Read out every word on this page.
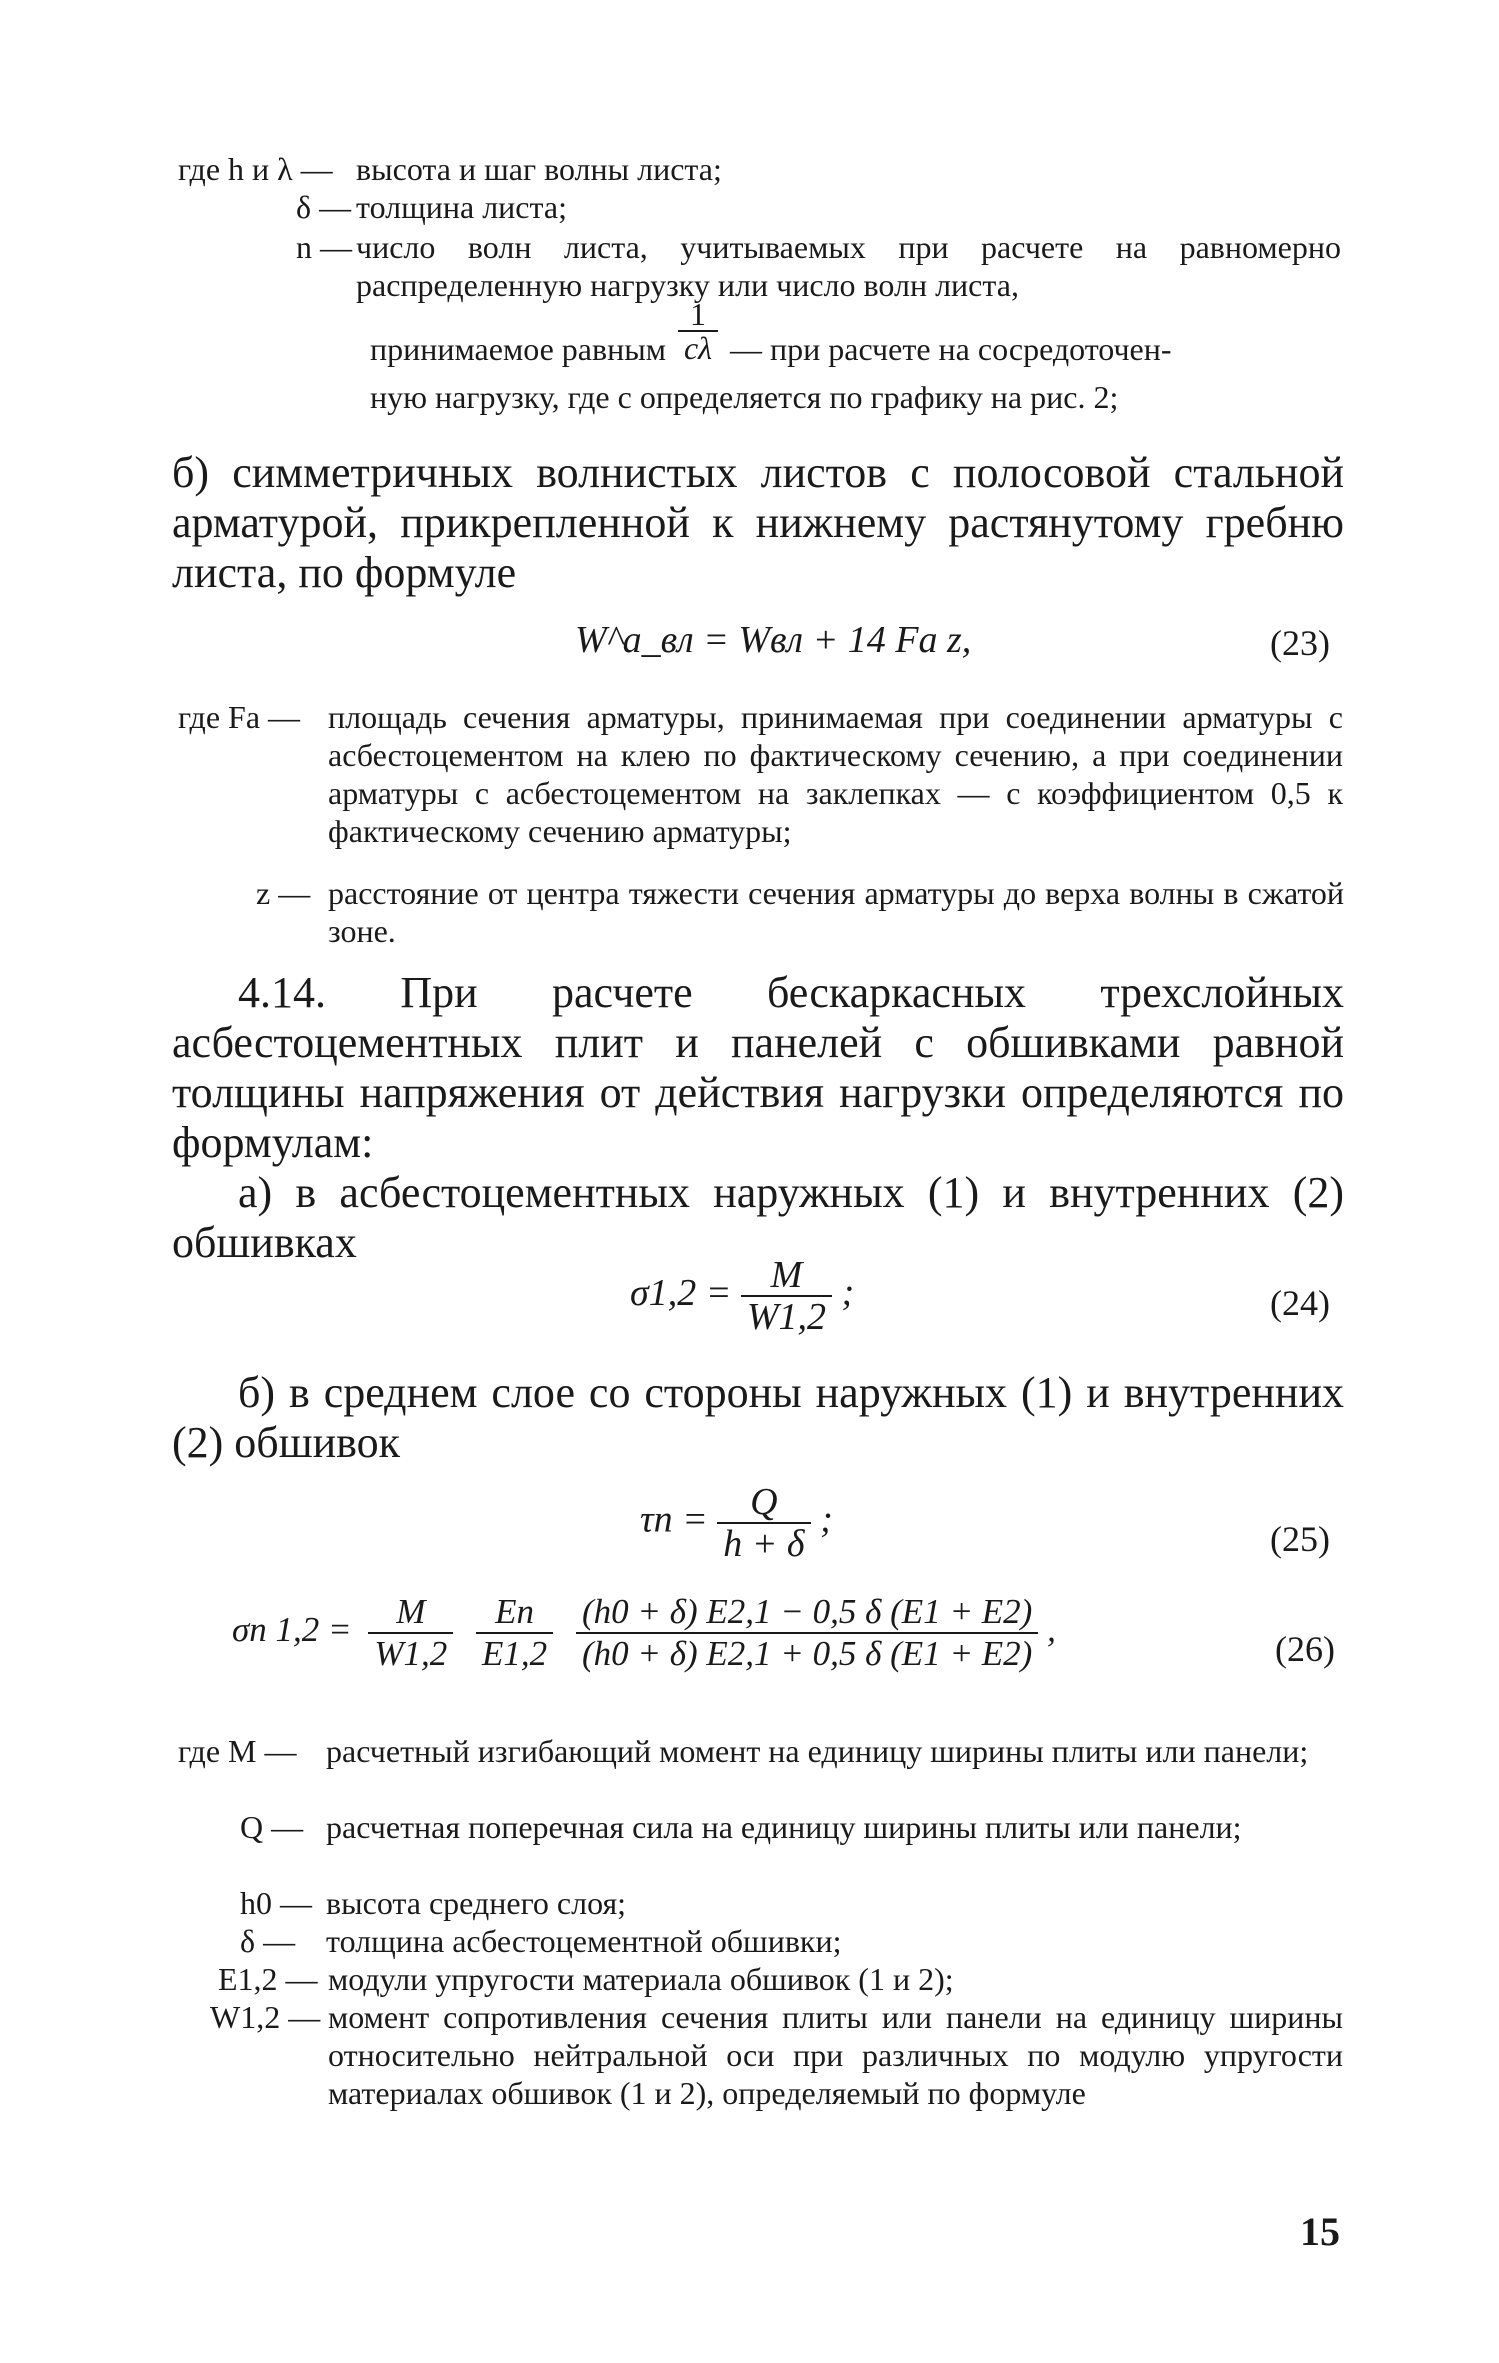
где h и λ — высота и шаг волны листа;
δ — толщина листа;
n — число волн листа, учитываемых при расчете на равномерно распределенную нагрузку или число волн листа,
принимаемое равным $\frac{1}{c\lambda}$ — при расчете на сосредоточен-
ную нагрузку, где c определяется по графику на рис. 2;
б) симметричных волнистых листов с полосовой стальной арматурой, прикрепленной к нижнему растянутому гребню листа, по формуле
W^а_вл = Wвл + 14 Fа z,	(23)
где Fа — площадь сечения арматуры, принимаемая при соединении арматуры с асбестоцементом на клею по фактическому сечению, а при соединении арматуры с асбестоцементом на заклепках — с коэффициентом 0,5 к фактическому сечению арматуры;
z — расстояние от центра тяжести сечения арматуры до верха волны в сжатой зоне.
4.14. При расчете бескаркасных трехслойных асбестоцементных плит и панелей с обшивками равной толщины напряжения от действия нагрузки определяются по формулам:
а) в асбестоцементных наружных (1) и внутренних (2) обшивках
$\sigma 1,2 = \frac{M}{W1,2}$ ;	(24)
б) в среднем слое со стороны наружных (1) и внутренних (2) обшивок
$\tau п = \frac{Q}{h + \delta}$ ;	(25)
σп $1,2 = \frac{M}{W1,2}$
$\frac{Eп}{E1,2}$
$\frac{(h0 + \delta) E2,1 - 0,5 \delta (E1 + E2)}{(h0 + \delta) E2,1 + 0,5 \delta (E1 + E2)}$ ,	(26)
где M — расчетный изгибающий момент на единицу ширины плиты или панели;
Q — расчетная поперечная сила на единицу ширины плиты или панели;
h0 — высота среднего слоя;
δ — толщина асбестоцементной обшивки;
E1,2 — модули упругости материала обшивок (1 и 2);
W1,2 — момент сопротивления сечения плиты или панели на единицу ширины относительно нейтральной оси при различных по модулю упругости материалах обшивок (1 и 2), определяемый по формуле
15
